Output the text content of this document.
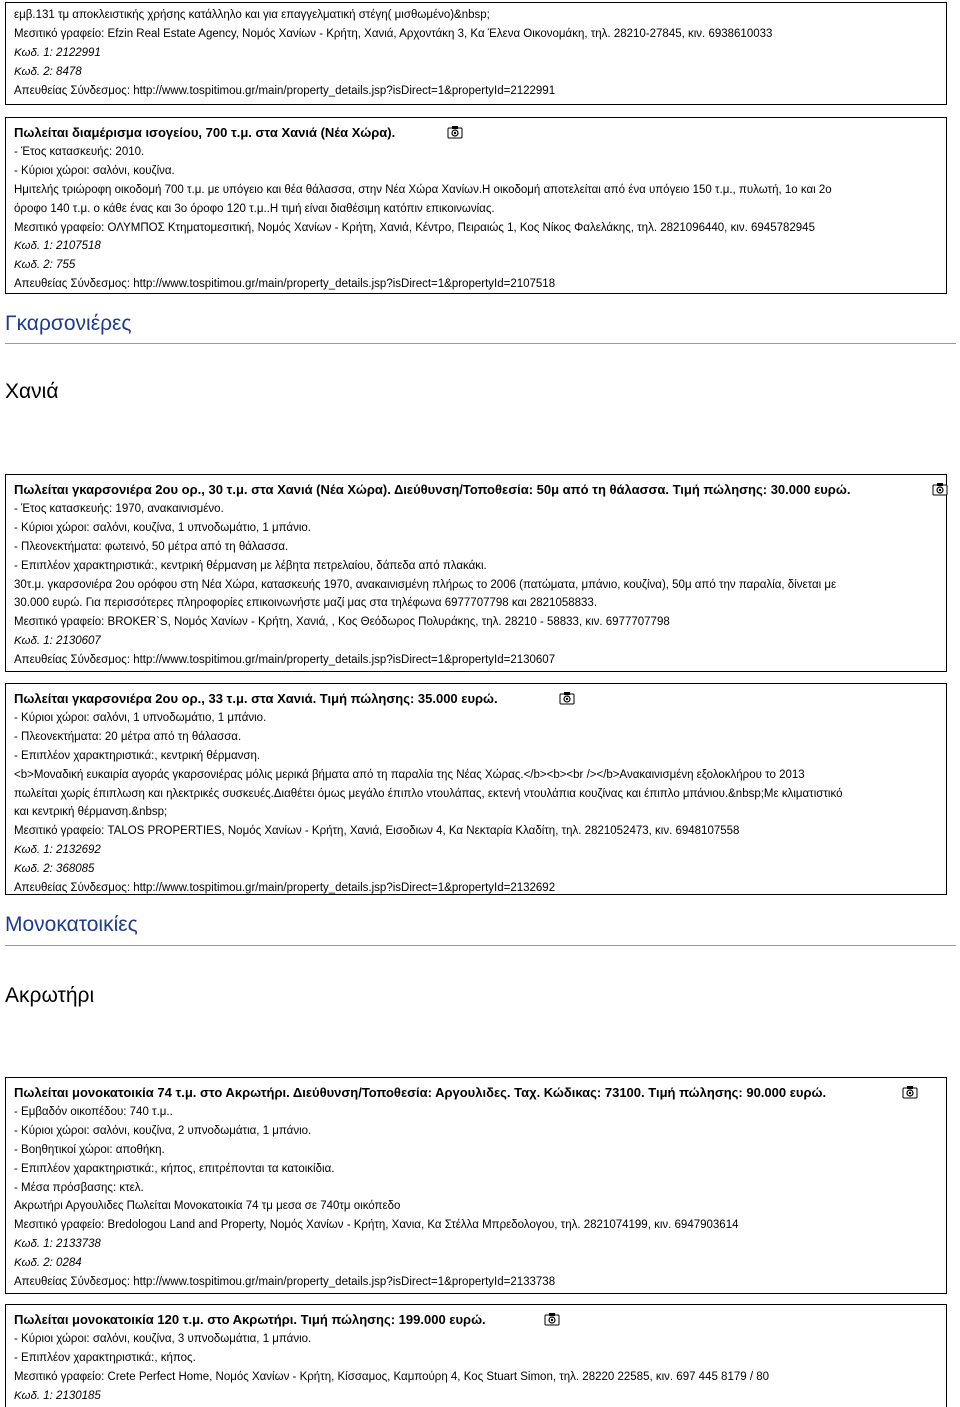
εμβ.131 τμ αποκλειστικής χρήσης κατάλληλο και για επαγγελματική στέγη( μισθωμένο)&nbsp;
Μεσιτικό γραφείο: Efzin Real Estate Agency, Νομός Χανίων - Κρήτη, Χανιά, Αρχοντάκη 3, Κα Έλενα Οικονομάκη, τηλ. 28210-27845, κιν. 6938610033
Κωδ. 1: 2122991
Κωδ. 2: 8478
Απευθείας Σύνδεσμος: http://www.tospitimou.gr/main/property_details.jsp?isDirect=1&propertyId=2122991
Πωλείται διαμέρισμα ισογείου, 700 τ.μ. στα Χανιά (Νέα Χώρα).
- Έτος κατασκευής: 2010.
- Κύριοι χώροι: σαλόνι, κουζίνα.
Ημιτελής τριώροφη οικοδομή 700 τ.μ. με υπόγειο και θέα θάλασσα, στην Νέα Χώρα Χανίων.Η οικοδομή αποτελείται από ένα υπόγειο 150 τ.μ., πυλωτή, 1ο και 2ο
όροφο 140 τ.μ. ο κάθε ένας και 3ο όροφο 120 τ.μ..Η τιμή είναι διαθέσιμη κατόπιν επικοινωνίας.
Μεσιτικό γραφείο: ΟΛΥΜΠΟΣ Κτηματομεσιτική, Νομός Χανίων - Κρήτη, Χανιά, Κέντρο, Πειραιώς 1, Κος Νίκος Φαλελάκης, τηλ. 2821096440, κιν. 6945782945
Κωδ. 1: 2107518
Κωδ. 2: 755
Απευθείας Σύνδεσμος: http://www.tospitimou.gr/main/property_details.jsp?isDirect=1&propertyId=2107518
Γκαρσονιέρες
Χανιά
Πωλείται γκαρσονιέρα 2ου ορ., 30 τ.μ. στα Χανιά (Νέα Χώρα). Διεύθυνση/Τοποθεσία: 50μ από τη θάλασσα. Τιμή πώλησης: 30.000 ευρώ.
- Έτος κατασκευής: 1970, ανακαινισμένο.
- Κύριοι χώροι: σαλόνι, κουζίνα, 1 υπνοδωμάτιο, 1 μπάνιο.
- Πλεονεκτήματα: φωτεινό, 50 μέτρα από τη θάλασσα.
- Επιπλέον χαρακτηριστικά:, κεντρική θέρμανση με λέβητα πετρελαίου, δάπεδα από πλακάκι.
30τ.μ. γκαρσονιέρα 2ου ορόφου στη Νέα Χώρα, κατασκευής 1970, ανακαινισμένη πλήρως το 2006 (πατώματα, μπάνιο, κουζίνα), 50μ από την παραλία, δίνεται με
30.000 ευρώ. Για περισσότερες πληροφορίες επικοινωνήστε μαζί μας στα τηλέφωνα 6977707798 και 2821058833.
Μεσιτικό γραφείο: BROKER`S, Νομός Χανίων - Κρήτη, Χανιά, , Κος Θεόδωρος Πολυράκης, τηλ. 28210 - 58833, κιν. 6977707798
Κωδ. 1: 2130607
Απευθείας Σύνδεσμος: http://www.tospitimou.gr/main/property_details.jsp?isDirect=1&propertyId=2130607
Πωλείται γκαρσονιέρα 2ου ορ., 33 τ.μ. στα Χανιά. Τιμή πώλησης: 35.000 ευρώ.
- Κύριοι χώροι: σαλόνι, 1 υπνοδωμάτιο, 1 μπάνιο.
- Πλεονεκτήματα: 20 μέτρα από τη θάλασσα.
- Επιπλέον χαρακτηριστικά:, κεντρική θέρμανση.
<b>Μοναδική ευκαιρία αγοράς γκαρσονιέρας μόλις μερικά βήματα από τη παραλία της Νέας Χώρας.</b><b><br /></b>Ανακαινισμένη εξολοκλήρου το 2013
πωλείται χωρίς έπιπλωση και ηλεκτρικές συσκευές.Διαθέτει όμως μεγάλο έπιπλο ντουλάπας, εκτενή ντουλάπια κουζίνας και έπιπλο μπάνιου.&nbsp;Με κλιματιστικό
και κεντρική θέρμανση.&nbsp;
Μεσιτικό γραφείο: TALOS PROPERTIES, Νομός Χανίων - Κρήτη, Χανιά, Εισοδιων 4, Κα Νεκταρία Κλαδίτη, τηλ. 2821052473, κιν. 6948107558
Κωδ. 1: 2132692
Κωδ. 2: 368085
Απευθείας Σύνδεσμος: http://www.tospitimou.gr/main/property_details.jsp?isDirect=1&propertyId=2132692
Μονοκατοικίες
Ακρωτήρι
Πωλείται μονοκατοικία 74 τ.μ. στο Ακρωτήρι. Διεύθυνση/Τοποθεσία: Αργουλιδες. Ταχ. Κώδικας: 73100. Τιμή πώλησης: 90.000 ευρώ.
- Εμβαδόν οικοπέδου: 740 τ.μ..
- Κύριοι χώροι: σαλόνι, κουζίνα, 2 υπνοδωμάτια, 1 μπάνιο.
- Βοηθητικοί χώροι: αποθήκη.
- Επιπλέον χαρακτηριστικά:, κήπος, επιτρέπονται τα κατοικίδια.
- Μέσα πρόσβασης: κτελ.
Ακρωτήρι Αργουλιδες Πωλείται Μονοκατοικία 74 τμ μεσα σε 740τμ οικόπεδο
Μεσιτικό γραφείο: Bredologou Land and Property, Νομός Χανίων - Κρήτη, Χανια, Κα Στέλλα Μπρεδολογου, τηλ. 2821074199, κιν. 6947903614
Κωδ. 1: 2133738
Κωδ. 2: 0284
Απευθείας Σύνδεσμος: http://www.tospitimou.gr/main/property_details.jsp?isDirect=1&propertyId=2133738
Πωλείται μονοκατοικία 120 τ.μ. στο Ακρωτήρι. Τιμή πώλησης: 199.000 ευρώ.
- Κύριοι χώροι: σαλόνι, κουζίνα, 3 υπνοδωμάτια, 1 μπάνιο.
- Επιπλέον χαρακτηριστικά:, κήπος.
Μεσιτικό γραφείο: Crete Perfect Home, Νομός Χανίων - Κρήτη, Κίσσαμος, Καμπούρη 4, Κος Stuart Simon, τηλ. 28220 22585, κιν. 697 445 8179 / 80
Κωδ. 1: 2130185
